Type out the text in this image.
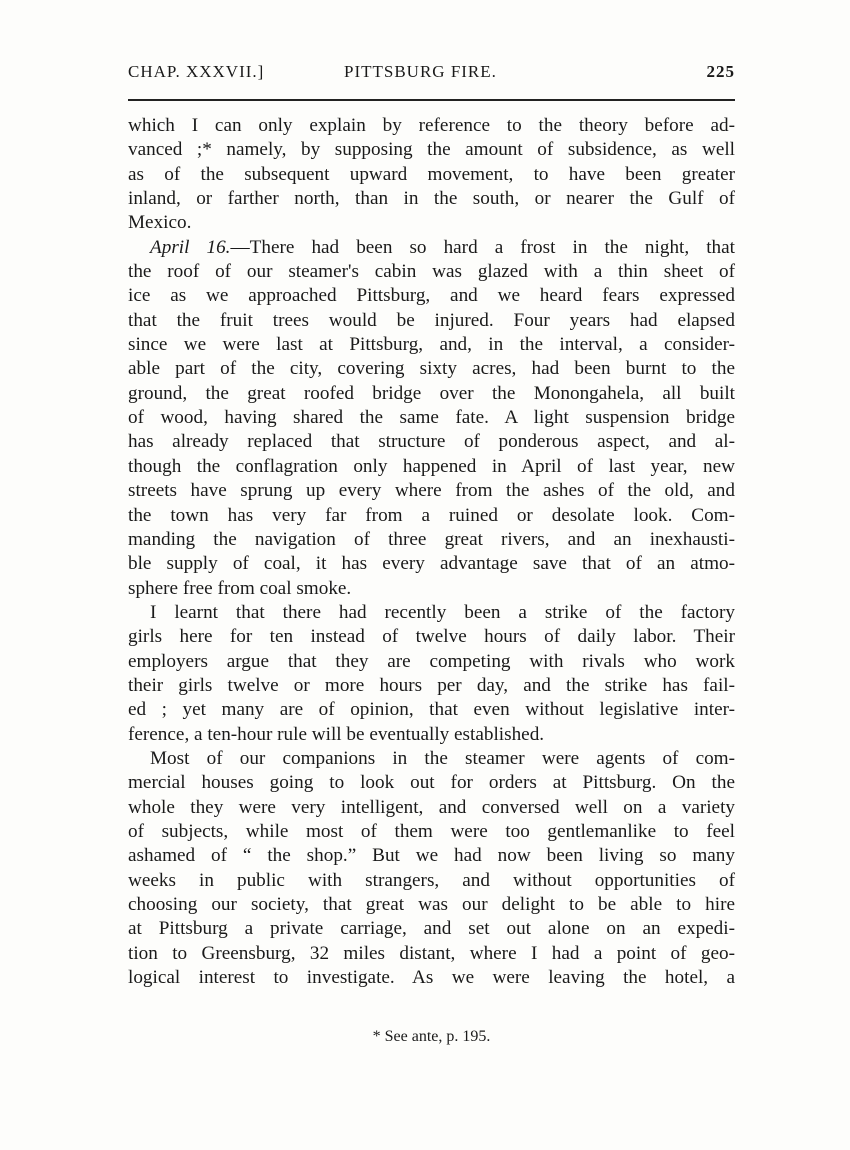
CHAP. XXXVII.]	PITTSBURG FIRE.	225
which I can only explain by reference to the theory before ad-
vanced ;* namely, by supposing the amount of subsidence, as well
as of the subsequent upward movement, to have been greater
inland, or farther north, than in the south, or nearer the Gulf of
Mexico.
April 16.—There had been so hard a frost in the night, that
the roof of our steamer's cabin was glazed with a thin sheet of
ice as we approached Pittsburg, and we heard fears expressed
that the fruit trees would be injured. Four years had elapsed
since we were last at Pittsburg, and, in the interval, a consider-
able part of the city, covering sixty acres, had been burnt to the
ground, the great roofed bridge over the Monongahela, all built
of wood, having shared the same fate. A light suspension bridge
has already replaced that structure of ponderous aspect, and al-
though the conflagration only happened in April of last year, new
streets have sprung up every where from the ashes of the old, and
the town has very far from a ruined or desolate look. Com-
manding the navigation of three great rivers, and an inexhausti-
ble supply of coal, it has every advantage save that of an atmo-
sphere free from coal smoke.
I learnt that there had recently been a strike of the factory
girls here for ten instead of twelve hours of daily labor. Their
employers argue that they are competing with rivals who work
their girls twelve or more hours per day, and the strike has fail-
ed ; yet many are of opinion, that even without legislative inter-
ference, a ten-hour rule will be eventually established.
Most of our companions in the steamer were agents of com-
mercial houses going to look out for orders at Pittsburg. On the
whole they were very intelligent, and conversed well on a variety
of subjects, while most of them were too gentlemanlike to feel
ashamed of “ the shop.” But we had now been living so many
weeks in public with strangers, and without opportunities of
choosing our society, that great was our delight to be able to hire
at Pittsburg a private carriage, and set out alone on an expedi-
tion to Greensburg, 32 miles distant, where I had a point of geo-
logical interest to investigate. As we were leaving the hotel, a
* See ante, p. 195.
